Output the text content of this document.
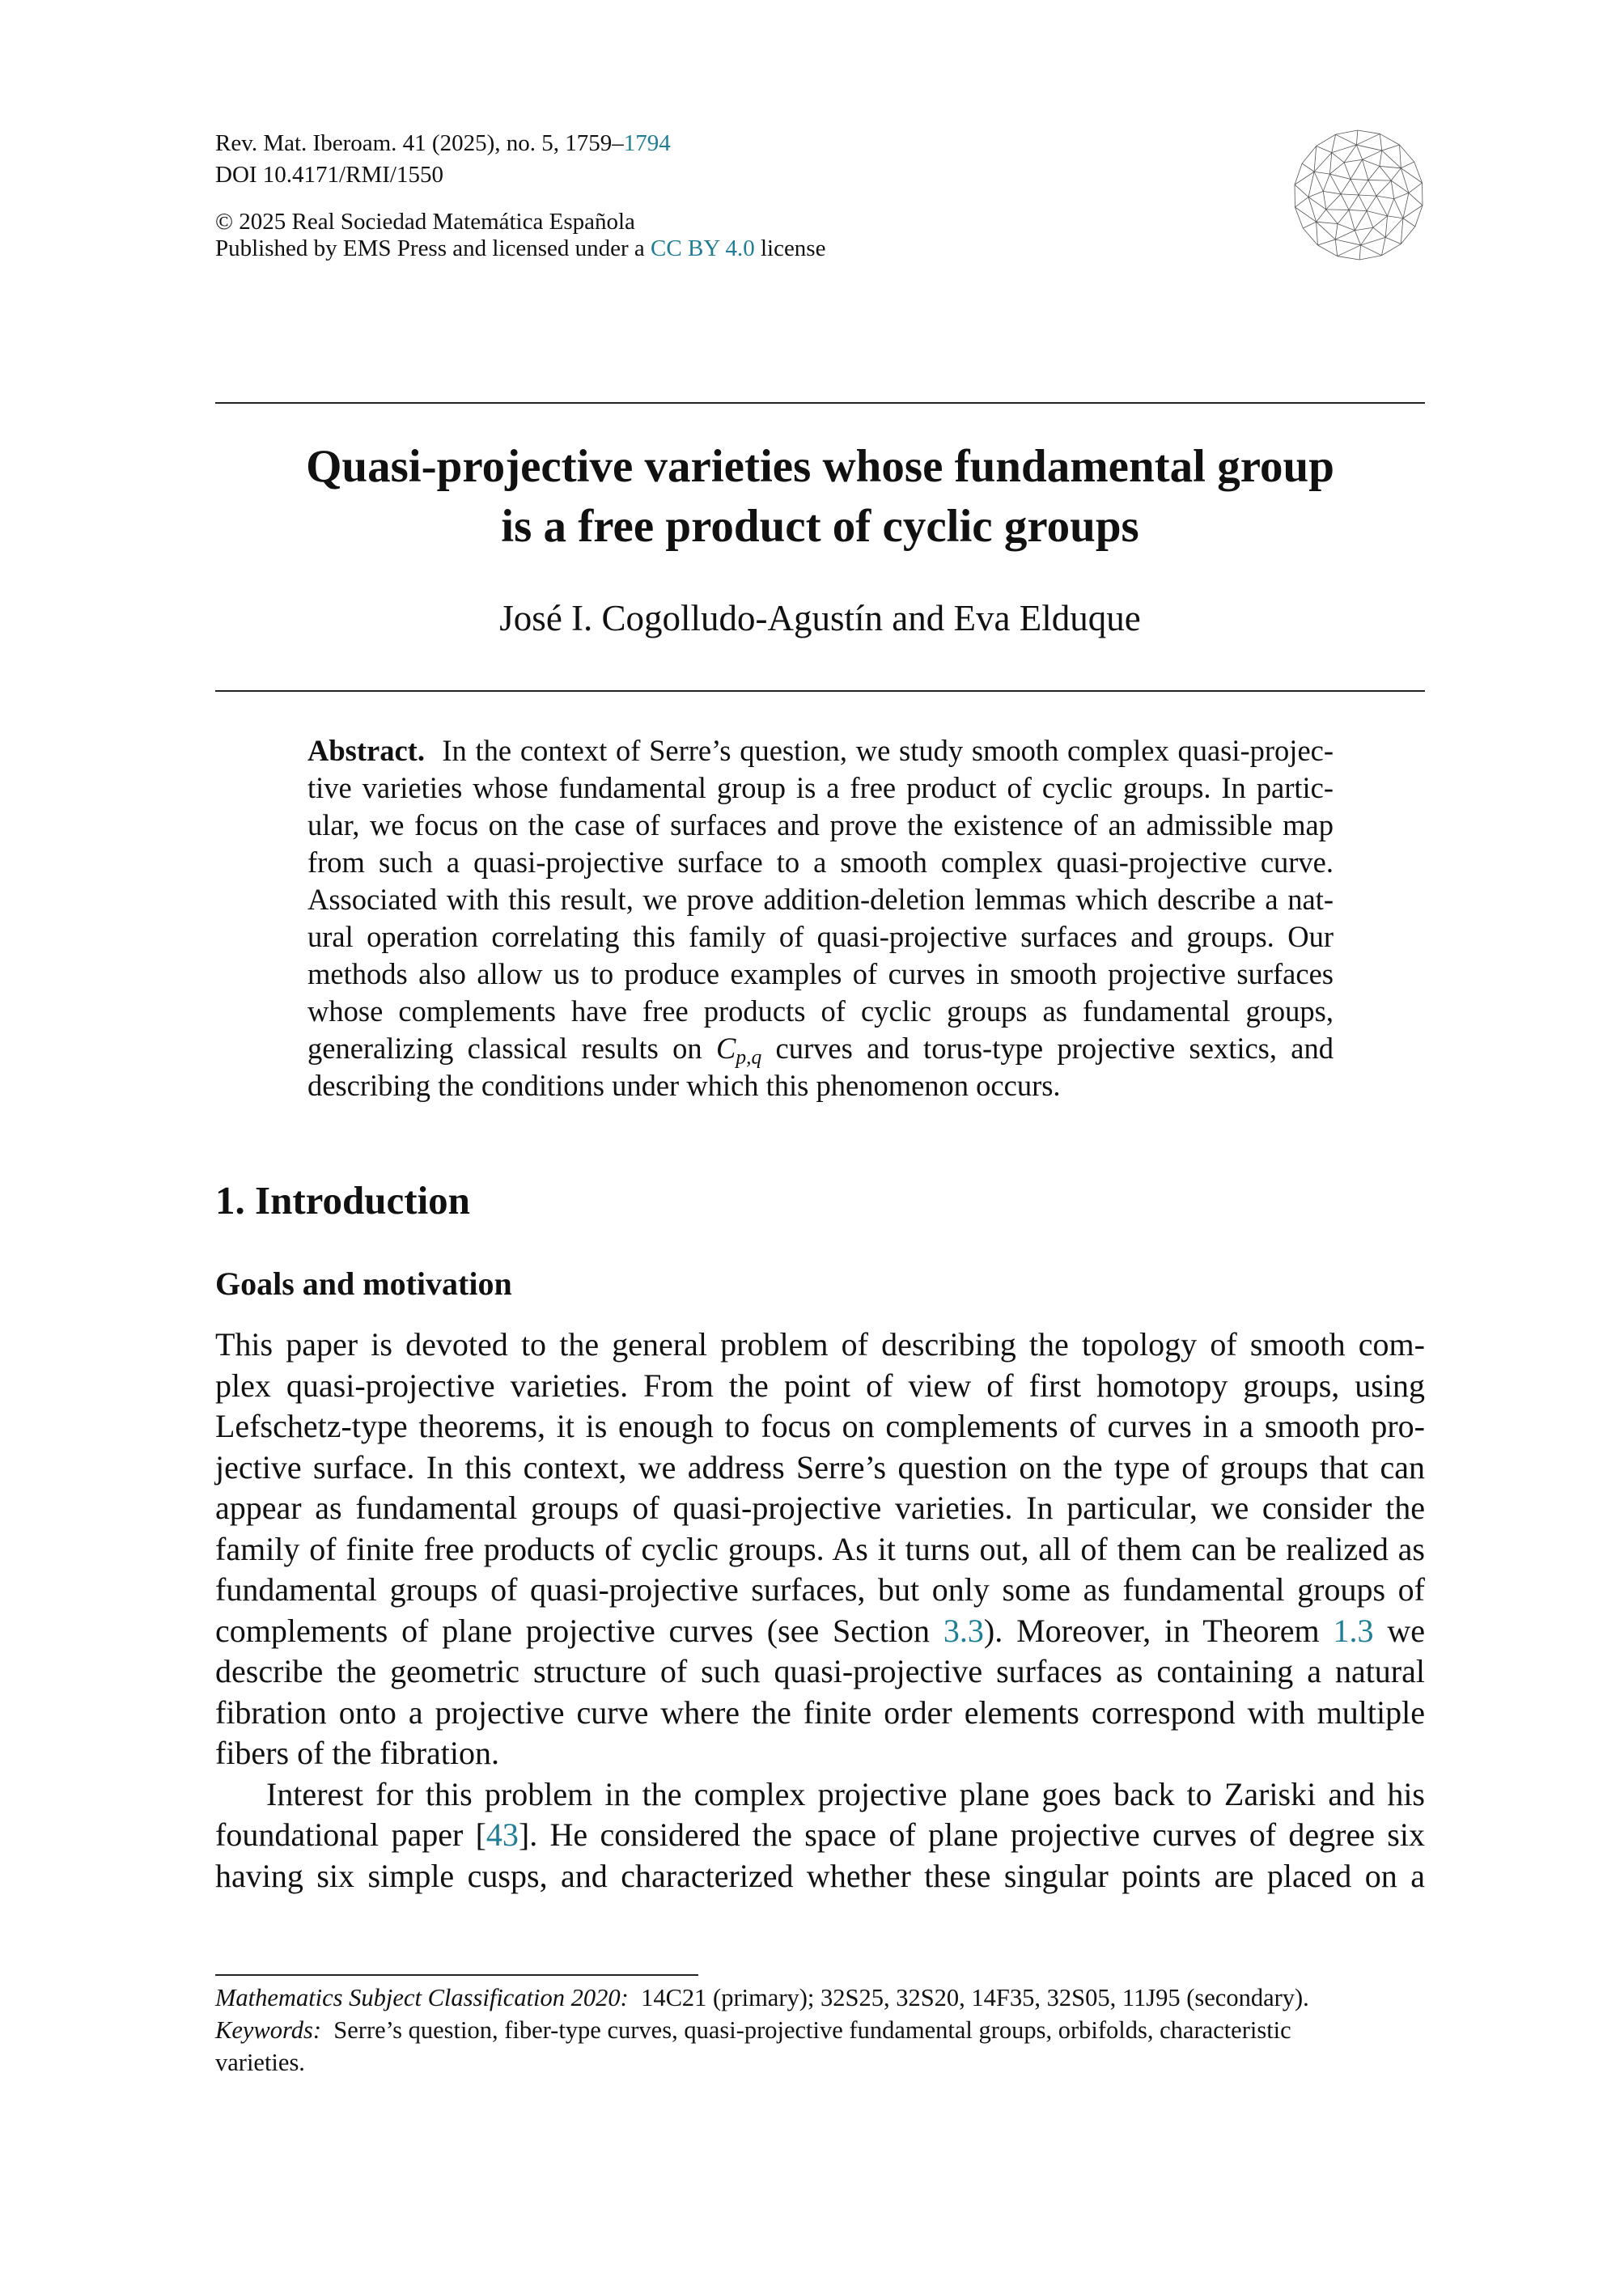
Rev. Mat. Iberoam. 41 (2025), no. 5, 1759–1794
DOI 10.4171/RMI/1550
© 2025 Real Sociedad Matemática Española
Published by EMS Press and licensed under a CC BY 4.0 license
Quasi-projective varieties whose fundamental group
is a free product of cyclic groups
José I. Cogolludo-Agustín and Eva Elduque
Abstract. In the context of Serre’s question, we study smooth complex quasi-projec-
tive varieties whose fundamental group is a free product of cyclic groups. In partic-
ular, we focus on the case of surfaces and prove the existence of an admissible map
from such a quasi-projective surface to a smooth complex quasi-projective curve.
Associated with this result, we prove addition-deletion lemmas which describe a nat-
ural operation correlating this family of quasi-projective surfaces and groups. Our
methods also allow us to produce examples of curves in smooth projective surfaces
whose complements have free products of cyclic groups as fundamental groups,
generalizing classical results on $C_{p,q}$ curves and torus-type projective sextics, and
describing the conditions under which this phenomenon occurs.
1. Introduction
Goals and motivation
This paper is devoted to the general problem of describing the topology of smooth com-
plex quasi-projective varieties. From the point of view of first homotopy groups, using
Lefschetz-type theorems, it is enough to focus on complements of curves in a smooth pro-
jective surface. In this context, we address Serre’s question on the type of groups that can
appear as fundamental groups of quasi-projective varieties. In particular, we consider the
family of finite free products of cyclic groups. As it turns out, all of them can be realized as
fundamental groups of quasi-projective surfaces, but only some as fundamental groups of
complements of plane projective curves (see Section 3.3). Moreover, in Theorem 1.3 we
describe the geometric structure of such quasi-projective surfaces as containing a natural
fibration onto a projective curve where the finite order elements correspond with multiple
fibers of the fibration.
Interest for this problem in the complex projective plane goes back to Zariski and his
foundational paper [43]. He considered the space of plane projective curves of degree six
having six simple cusps, and characterized whether these singular points are placed on a
Mathematics Subject Classification 2020: 14C21 (primary); 32S25, 32S20, 14F35, 32S05, 11J95 (secondary).
Keywords: Serre’s question, fiber-type curves, quasi-projective fundamental groups, orbifolds, characteristic
varieties.
